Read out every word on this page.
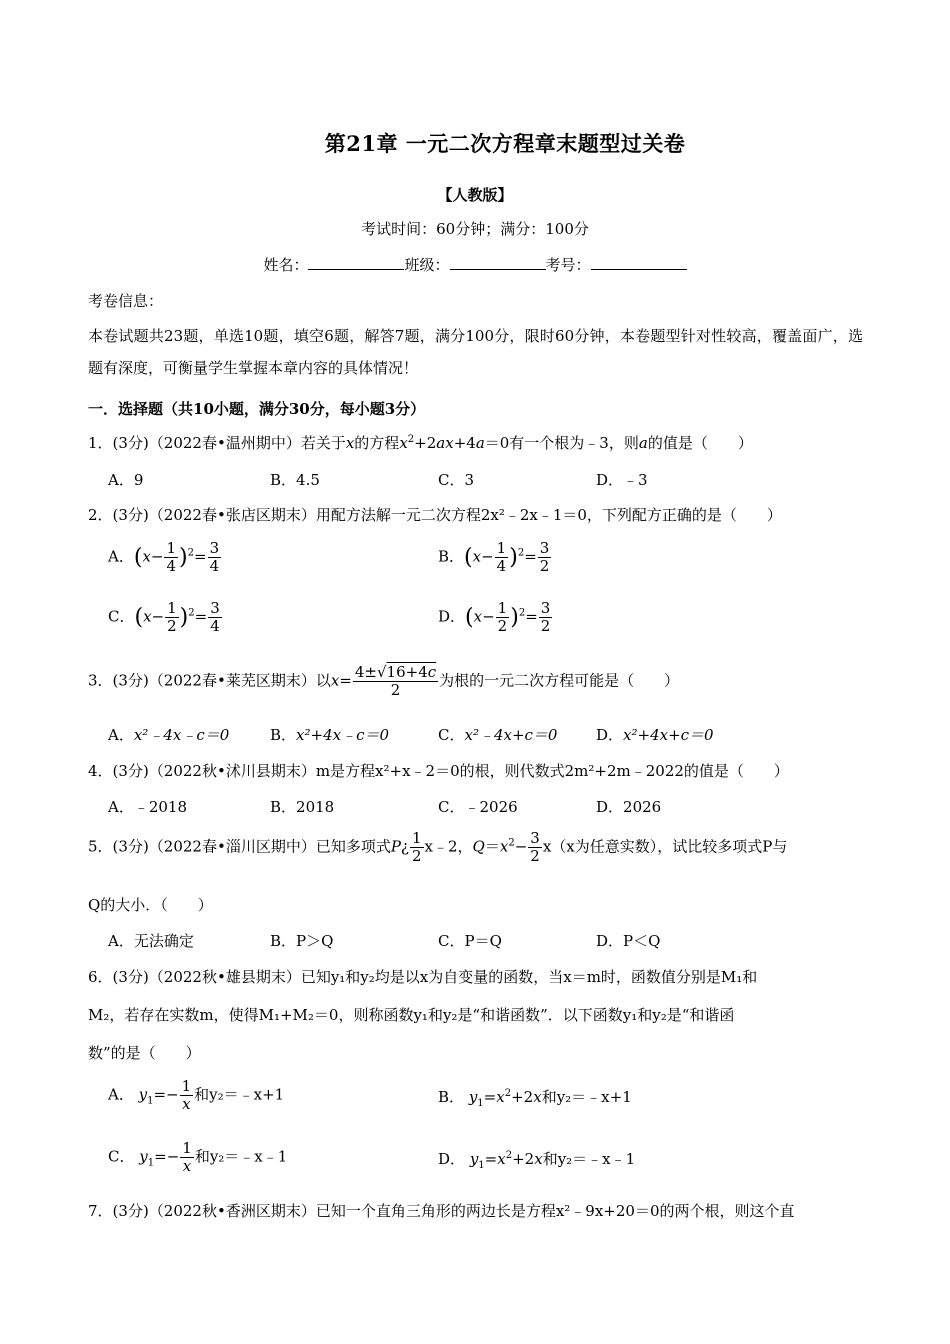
第21章 一元二次方程章末题型过关卷
【人教版】
考试时间：60分钟；满分：100分
姓名：	班级：	考号：
考卷信息：
本卷试题共23题，单选10题，填空6题，解答7题，满分100分，限时60分钟，本卷题型针对性较高，覆盖面广，选题有深度，可衡量学生掌握本章内容的具体情况！
一．选择题（共10小题，满分30分，每小题3分）
1．(3分)（2022春•温州期中）若关于x的方程$x^2+2ax+4a=0$有一个根为﹣3，则a的值是（　　）
A．9	B．4.5	C．3	D．﹣3
2．(3分)（2022春•张店区期末）用配方法解一元二次方程2x²﹣2x﹣1＝0，下列配方正确的是（　　）
A．$(x- \frac{1}{4} )^2= \frac{3}{4}$	B．$(x- \frac{1}{4} )^2= \frac{3}{2}$
C．$(x- \frac{1}{2} )^2= \frac{3}{4}$	D．$(x- \frac{1}{2} )^2= \frac{3}{2}$
3．(3分)（2022春•莱芜区期末）以$x= \frac{4\pm√16+4c}{2}$ 为根的一元二次方程可能是（　　）
A．x²﹣4x﹣c＝0	B．x²+4x﹣c＝0	C．x²﹣4x+c＝0	D．x²+4x+c＝0
4．(3分)（2022秋•沭川县期末）m是方程x²+x﹣2＝0的根，则代数式2m²+2m﹣2022的值是（　　）
A．﹣2018	B．2018	C．﹣2026	D．2026
5．(3分)（2022春•淄川区期中）已知多项式P¿ $\frac{1}{2}$ x﹣2，$Q=x^2- \frac{3}{2} x(x$为任意实数），试比较多项式P与
Q的大小．（　　）
A．无法确定	B．P＞Q	C．P＝Q	D．P＜Q
6．(3分)（2022秋•雄县期末）已知y₁和y₂均是以x为自变量的函数，当x＝m时，函数值分别是M₁和
M₂，若存在实数m，使得M₁+M₂＝0，则称函数y₁和y₂是“和谐函数”．以下函数y₁和y₂是“和谐函
数”的是（　　）
A． $y_1=- \frac{1}{x}$ 和y₂＝﹣x+1	B． $y_1=x^2+2x$和y₂＝﹣x+1
C． $y_1=- \frac{1}{x}$ 和y₂＝﹣x﹣1	D． $y_1=x^2+2x$和y₂＝﹣x﹣1
7．(3分)（2022秋•香洲区期末）已知一个直角三角形的两边长是方程x²﹣9x+20＝0的两个根，则这个直
